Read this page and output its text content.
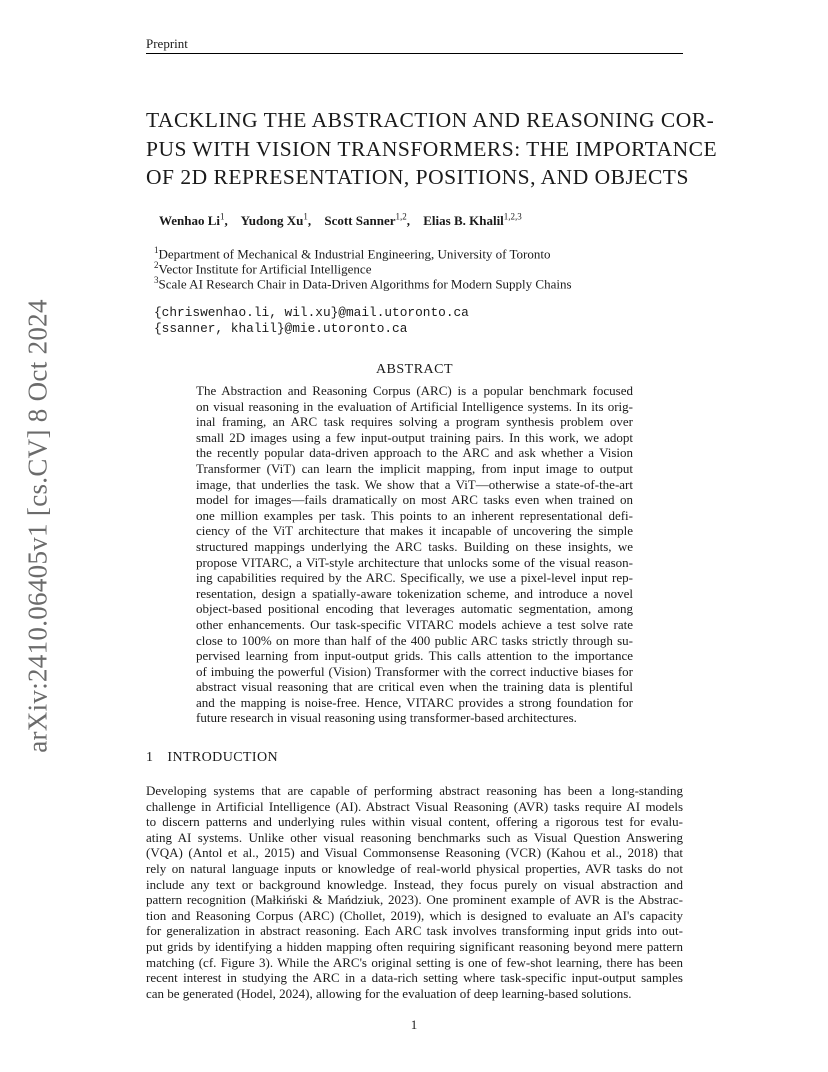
Preprint
arXiv:2410.06405v1 [cs.CV] 8 Oct 2024
TACKLING THE ABSTRACTION AND REASONING COR-
PUS WITH VISION TRANSFORMERS: THE IMPORTANCE
OF 2D REPRESENTATION, POSITIONS, AND OBJECTS
Wenhao Li$^1$, Yudong Xu$^1$, Scott Sanner$^{1,2}$, Elias B. Khalil$^{1,2,3}$
$^1$Department of Mechanical & Industrial Engineering, University of Toronto
$^2$Vector Institute for Artificial Intelligence
$^3$Scale AI Research Chair in Data-Driven Algorithms for Modern Supply Chains
{chriswenhao.li, wil.xu}@mail.utoronto.ca
{ssanner, khalil}@mie.utoronto.ca
ABSTRACT
The Abstraction and Reasoning Corpus (ARC) is a popular benchmark focused
on visual reasoning in the evaluation of Artificial Intelligence systems. In its orig-
inal framing, an ARC task requires solving a program synthesis problem over
small 2D images using a few input-output training pairs. In this work, we adopt
the recently popular data-driven approach to the ARC and ask whether a Vision
Transformer (ViT) can learn the implicit mapping, from input image to output
image, that underlies the task. We show that a ViT—otherwise a state-of-the-art
model for images—fails dramatically on most ARC tasks even when trained on
one million examples per task. This points to an inherent representational defi-
ciency of the ViT architecture that makes it incapable of uncovering the simple
structured mappings underlying the ARC tasks. Building on these insights, we
propose VITARC, a ViT-style architecture that unlocks some of the visual reason-
ing capabilities required by the ARC. Specifically, we use a pixel-level input rep-
resentation, design a spatially-aware tokenization scheme, and introduce a novel
object-based positional encoding that leverages automatic segmentation, among
other enhancements. Our task-specific VITARC models achieve a test solve rate
close to 100% on more than half of the 400 public ARC tasks strictly through su-
pervised learning from input-output grids. This calls attention to the importance
of imbuing the powerful (Vision) Transformer with the correct inductive biases for
abstract visual reasoning that are critical even when the training data is plentiful
and the mapping is noise-free. Hence, VITARC provides a strong foundation for
future research in visual reasoning using transformer-based architectures.
1 INTRODUCTION
Developing systems that are capable of performing abstract reasoning has been a long-standing
challenge in Artificial Intelligence (AI). Abstract Visual Reasoning (AVR) tasks require AI models
to discern patterns and underlying rules within visual content, offering a rigorous test for evalu-
ating AI systems. Unlike other visual reasoning benchmarks such as Visual Question Answering
(VQA) (Antol et al., 2015) and Visual Commonsense Reasoning (VCR) (Kahou et al., 2018) that
rely on natural language inputs or knowledge of real-world physical properties, AVR tasks do not
include any text or background knowledge. Instead, they focus purely on visual abstraction and
pattern recognition (Małkiński & Mańdziuk, 2023). One prominent example of AVR is the Abstrac-
tion and Reasoning Corpus (ARC) (Chollet, 2019), which is designed to evaluate an AI's capacity
for generalization in abstract reasoning. Each ARC task involves transforming input grids into out-
put grids by identifying a hidden mapping often requiring significant reasoning beyond mere pattern
matching (cf. Figure 3). While the ARC's original setting is one of few-shot learning, there has been
recent interest in studying the ARC in a data-rich setting where task-specific input-output samples
can be generated (Hodel, 2024), allowing for the evaluation of deep learning-based solutions.
1
